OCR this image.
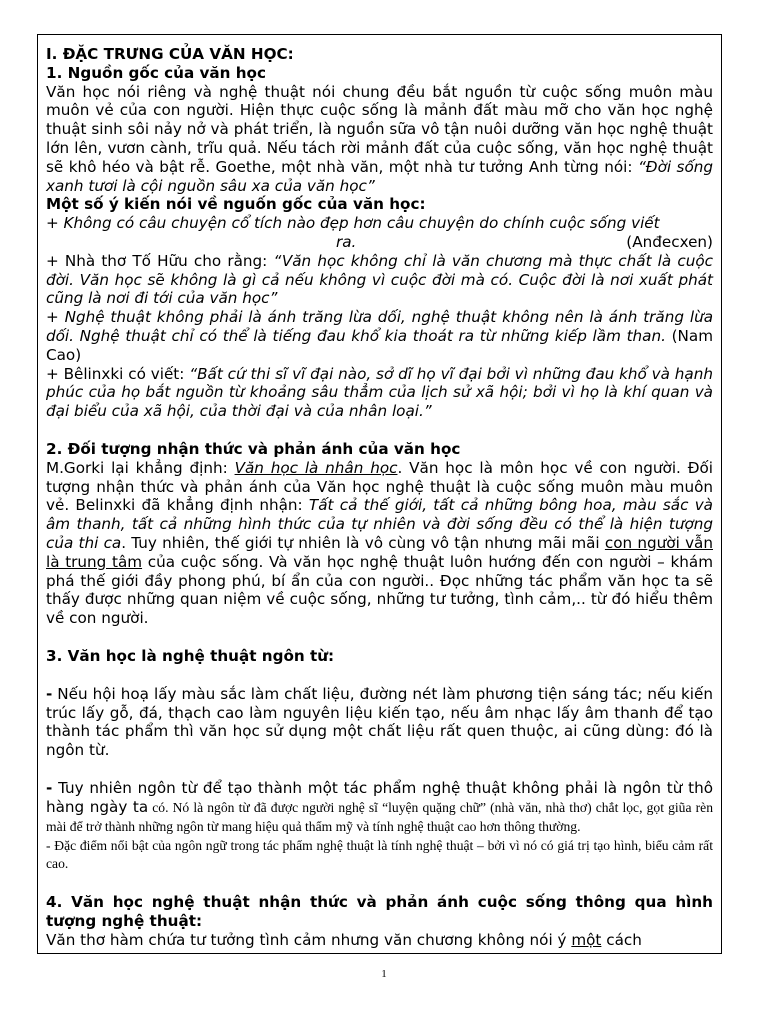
I. ĐẶC TRƯNG CỦA VĂN HỌC:

1. Nguồn gốc của văn học

Văn học nói riêng và nghệ thuật nói chung đều bắt nguồn từ cuộc sống muôn màu muôn vẻ của con người. Hiện thực cuộc sống là mảnh đất màu mỡ cho văn học nghệ thuật sinh sôi nảy nở và phát triển, là nguồn sữa vô tận nuôi dưỡng văn học nghệ thuật lớn lên, vươn cành, trĩu quả. Nếu tách rời mảnh đất của cuộc sống, văn học nghệ thuật sẽ khô héo và bật rễ. Goethe, một nhà văn, một nhà tư tưởng Anh từng nói: “Đời sống xanh tươi là cội nguồn sâu xa của văn học”

Một số ý kiến nói về nguốn gốc của văn học:

+ Không có câu chuyện cổ tích nào đẹp hơn câu chuyện do chính cuộc sống viết

ra.	(Anđecxen)

+ Nhà thơ Tố Hữu cho rằng: “Văn học không chỉ là văn chương mà thực chất là cuộc đời. Văn học sẽ không là gì cả nếu không vì cuộc đời mà có. Cuộc đời là nơi xuất phát cũng là nơi đi tới của văn học”

+ Nghệ thuật không phải là ánh trăng lừa dối, nghệ thuật không nên là ánh trăng lừa dối. Nghệ thuật chỉ có thể là tiếng đau khổ kia thoát ra từ những kiếp lầm than. (Nam Cao)

+ Bêlinxki có viết: “Bất cứ thi sĩ vĩ đại nào, sở dĩ họ vĩ đại bởi vì những đau khổ và hạnh phúc của họ bắt nguồn từ khoảng sâu thẳm của lịch sử xã hội; bởi vì họ là khí quan và đại biểu của xã hội, của thời đại và của nhân loại.”

2. Đối tượng nhận thức và phản ánh của văn học

M.Gorki lại khẳng định: Văn học là nhân học. Văn học là môn học về con người. Đối tượng nhận thức và phản ánh của Văn học nghệ thuật là cuộc sống muôn màu muôn vẻ. Belinxki đã khẳng định nhận: Tất cả thế giới, tất cả những bông hoa, màu sắc và âm thanh, tất cả những hình thức của tự nhiên và đời sống đều có thể là hiện tượng của thi ca. Tuy nhiên, thế giới tự nhiên là vô cùng vô tận nhưng mãi mãi con người vẫn là trung tâm của cuộc sống. Và văn học nghệ thuật luôn hướng đến con người – khám phá thế giới đầy phong phú, bí ẩn của con người.. Đọc những tác phẩm văn học ta sẽ thấy được những quan niệm về cuộc sống, những tư tưởng, tình cảm,.. từ đó hiểu thêm về con người.

3. Văn học là nghệ thuật ngôn từ:

- Nếu hội hoạ lấy màu sắc làm chất liệu, đường nét làm phương tiện sáng tác; nếu kiến trúc lấy gỗ, đá, thạch cao làm nguyên liệu kiến tạo, nếu âm nhạc lấy âm thanh để tạo thành tác phẩm thì văn học sử dụng một chất liệu rất quen thuộc, ai cũng dùng: đó là ngôn từ.

- Tuy nhiên ngôn từ để tạo thành một tác phẩm nghệ thuật không phải là ngôn từ thô hàng ngày ta có. Nó là ngôn từ đã được người nghệ sĩ “luyện quặng chữ” (nhà văn, nhà thơ) chắt lọc, gọt giũa rèn mài để trở thành những ngôn từ mang hiệu quả thẩm mỹ và tính nghệ thuật cao hơn thông thường.

- Đặc điểm nổi bật của ngôn ngữ trong tác phẩm nghệ thuật là tính nghệ thuật – bởi vì nó có giá trị tạo hình, biểu cảm rất cao.

4. Văn học nghệ thuật nhận thức và phản ánh cuộc sống thông qua hình tượng nghệ thuật:

Văn thơ hàm chứa tư tưởng tình cảm nhưng văn chương không nói ý một cách

1
